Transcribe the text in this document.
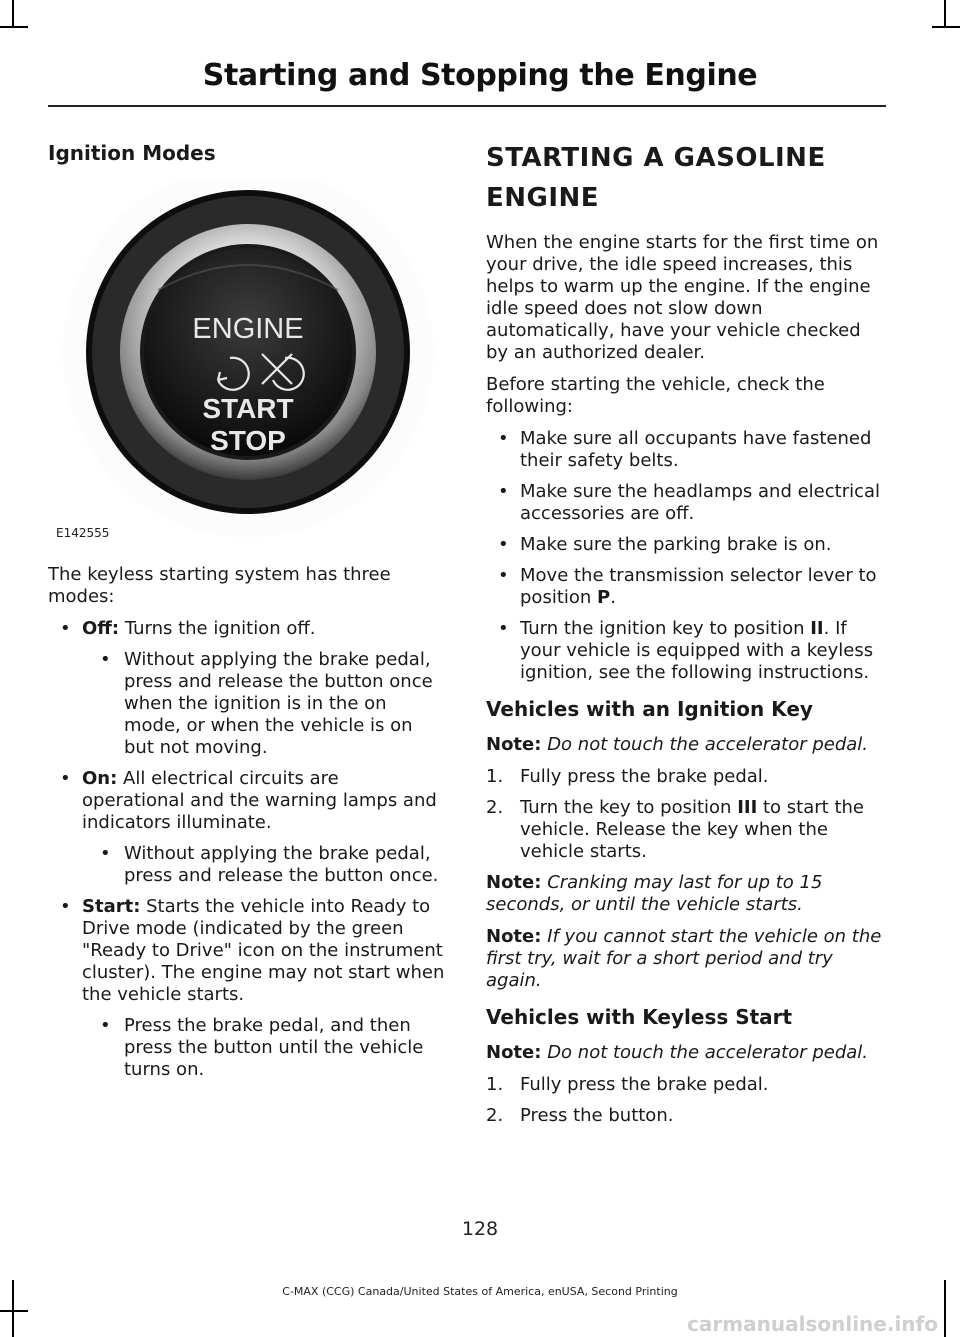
Starting and Stopping the Engine
Ignition Modes
ENGINE
START
STOP
E142555

The keyless starting system has three modes:

• Off: Turns the ignition off.
• Without applying the brake pedal, press and release the button once when the ignition is in the on mode, or when the vehicle is on but not moving.
• On: All electrical circuits are operational and the warning lamps and indicators illuminate.
• Without applying the brake pedal, press and release the button once.
• Start: Starts the vehicle into Ready to Drive mode (indicated by the green "Ready to Drive" icon on the instrument cluster). The engine may not start when the vehicle starts.
• Press the brake pedal, and then press the button until the vehicle turns on.
STARTING A GASOLINE
ENGINE

When the engine starts for the first time on your drive, the idle speed increases, this helps to warm up the engine. If the engine idle speed does not slow down automatically, have your vehicle checked by an authorized dealer.

Before starting the vehicle, check the following:

• Make sure all occupants have fastened their safety belts.
• Make sure the headlamps and electrical accessories are off.
• Make sure the parking brake is on.
• Move the transmission selector lever to position P.
• Turn the ignition key to position II. If your vehicle is equipped with a keyless ignition, see the following instructions.
Vehicles with an Ignition Key

Note: Do not touch the accelerator pedal.

1. Fully press the brake pedal.
2. Turn the key to position III to start the vehicle. Release the key when the vehicle starts.

Note: Cranking may last for up to 15 seconds, or until the vehicle starts.

Note: If you cannot start the vehicle on the first try, wait for a short period and try again.

Vehicles with Keyless Start

Note: Do not touch the accelerator pedal.

1. Fully press the brake pedal.
2. Press the button.
128
C-MAX (CCG) Canada/United States of America, enUSA, Second Printing
carmanualsonline.info
